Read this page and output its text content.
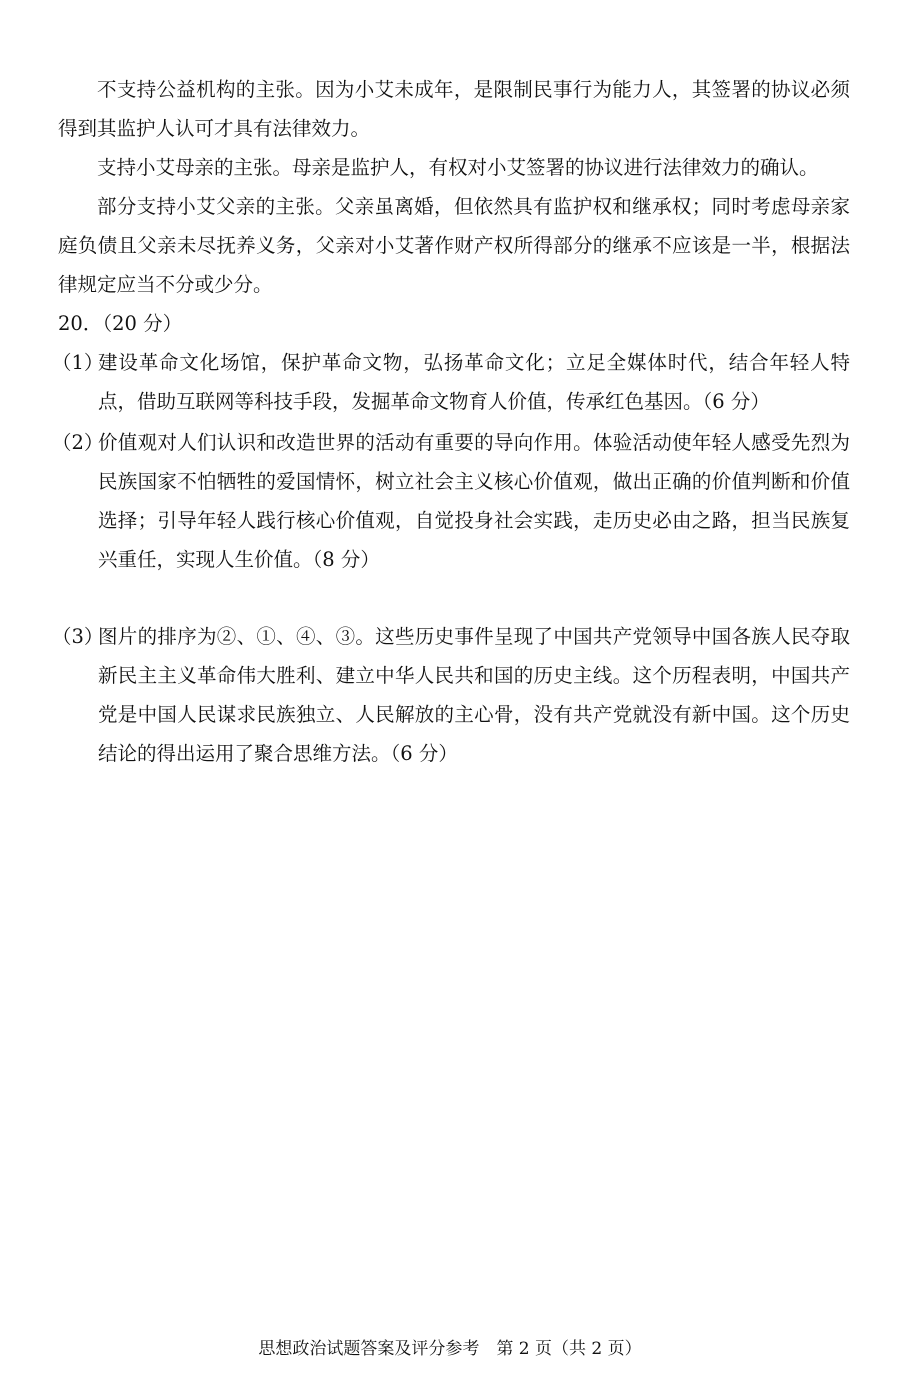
不支持公益机构的主张。因为小艾未成年，是限制民事行为能力人，其签署的协议必须得到其监护人认可才具有法律效力。

支持小艾母亲的主张。母亲是监护人，有权对小艾签署的协议进行法律效力的确认。

部分支持小艾父亲的主张。父亲虽离婚，但依然具有监护权和继承权；同时考虑母亲家庭负债且父亲未尽抚养义务，父亲对小艾著作财产权所得部分的继承不应该是一半，根据法律规定应当不分或少分。

20．（20 分）

（1）
建设革命文化场馆，保护革命文物，弘扬革命文化；立足全媒体时代，结合年轻人特点，借助互联网等科技手段，发掘革命文物育人价值，传承红色基因。（6 分）
（2）
价值观对人们认识和改造世界的活动有重要的导向作用。体验活动使年轻人感受先烈为民族国家不怕牺牲的爱国情怀，树立社会主义核心价值观，做出正确的价值判断和价值选择；引导年轻人践行核心价值观，自觉投身社会实践，走历史必由之路，担当民族复兴重任，实现人生价值。（8 分）
（3）
图片的排序为②、①、④、③。这些历史事件呈现了中国共产党领导中国各族人民夺取新民主主义革命伟大胜利、建立中华人民共和国的历史主线。这个历程表明，中国共产党是中国人民谋求民族独立、人民解放的主心骨，没有共产党就没有新中国。这个历史结论的得出运用了聚合思维方法。（6 分）
思想政治试题答案及评分参考　第 2 页（共 2 页）
